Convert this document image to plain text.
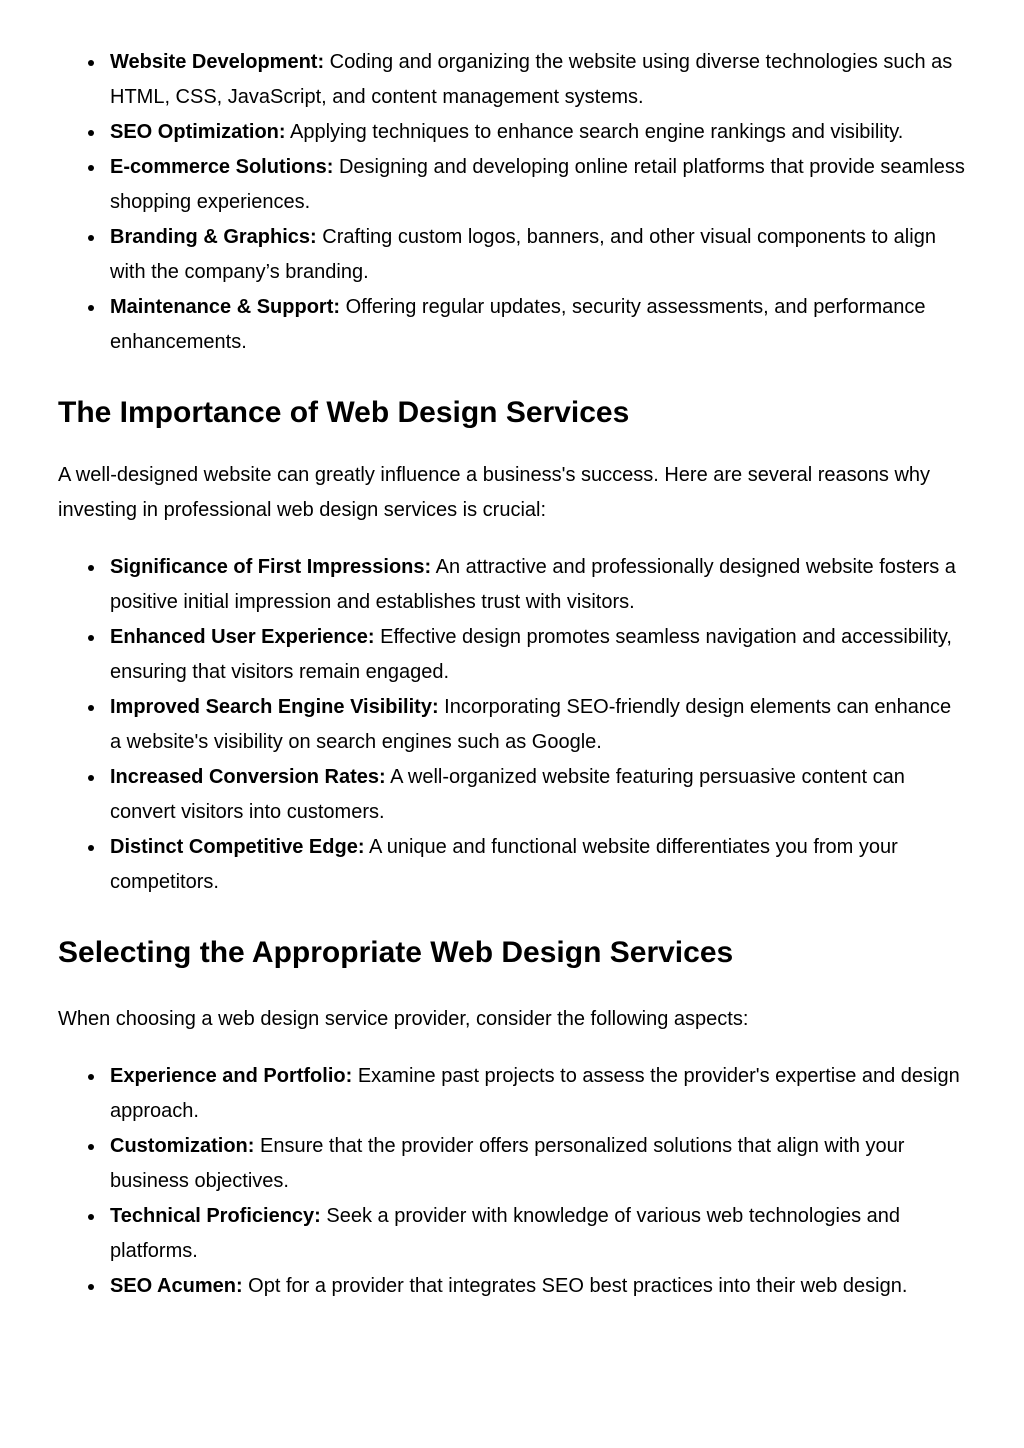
Website Development: Coding and organizing the website using diverse technologies such as HTML, CSS, JavaScript, and content management systems.
SEO Optimization: Applying techniques to enhance search engine rankings and visibility.
E-commerce Solutions: Designing and developing online retail platforms that provide seamless shopping experiences.
Branding & Graphics: Crafting custom logos, banners, and other visual components to align with the company’s branding.
Maintenance & Support: Offering regular updates, security assessments, and performance enhancements.
The Importance of Web Design Services

A well-designed website can greatly influence a business's success. Here are several reasons why investing in professional web design services is crucial:

Significance of First Impressions: An attractive and professionally designed website fosters a positive initial impression and establishes trust with visitors.
Enhanced User Experience: Effective design promotes seamless navigation and accessibility, ensuring that visitors remain engaged.
Improved Search Engine Visibility: Incorporating SEO-friendly design elements can enhance a website's visibility on search engines such as Google.
Increased Conversion Rates: A well-organized website featuring persuasive content can convert visitors into customers.
Distinct Competitive Edge: A unique and functional website differentiates you from your competitors.
Selecting the Appropriate Web Design Services

When choosing a web design service provider, consider the following aspects:

Experience and Portfolio: Examine past projects to assess the provider's expertise and design approach.
Customization: Ensure that the provider offers personalized solutions that align with your business objectives.
Technical Proficiency: Seek a provider with knowledge of various web technologies and platforms.
SEO Acumen: Opt for a provider that integrates SEO best practices into their web design.
